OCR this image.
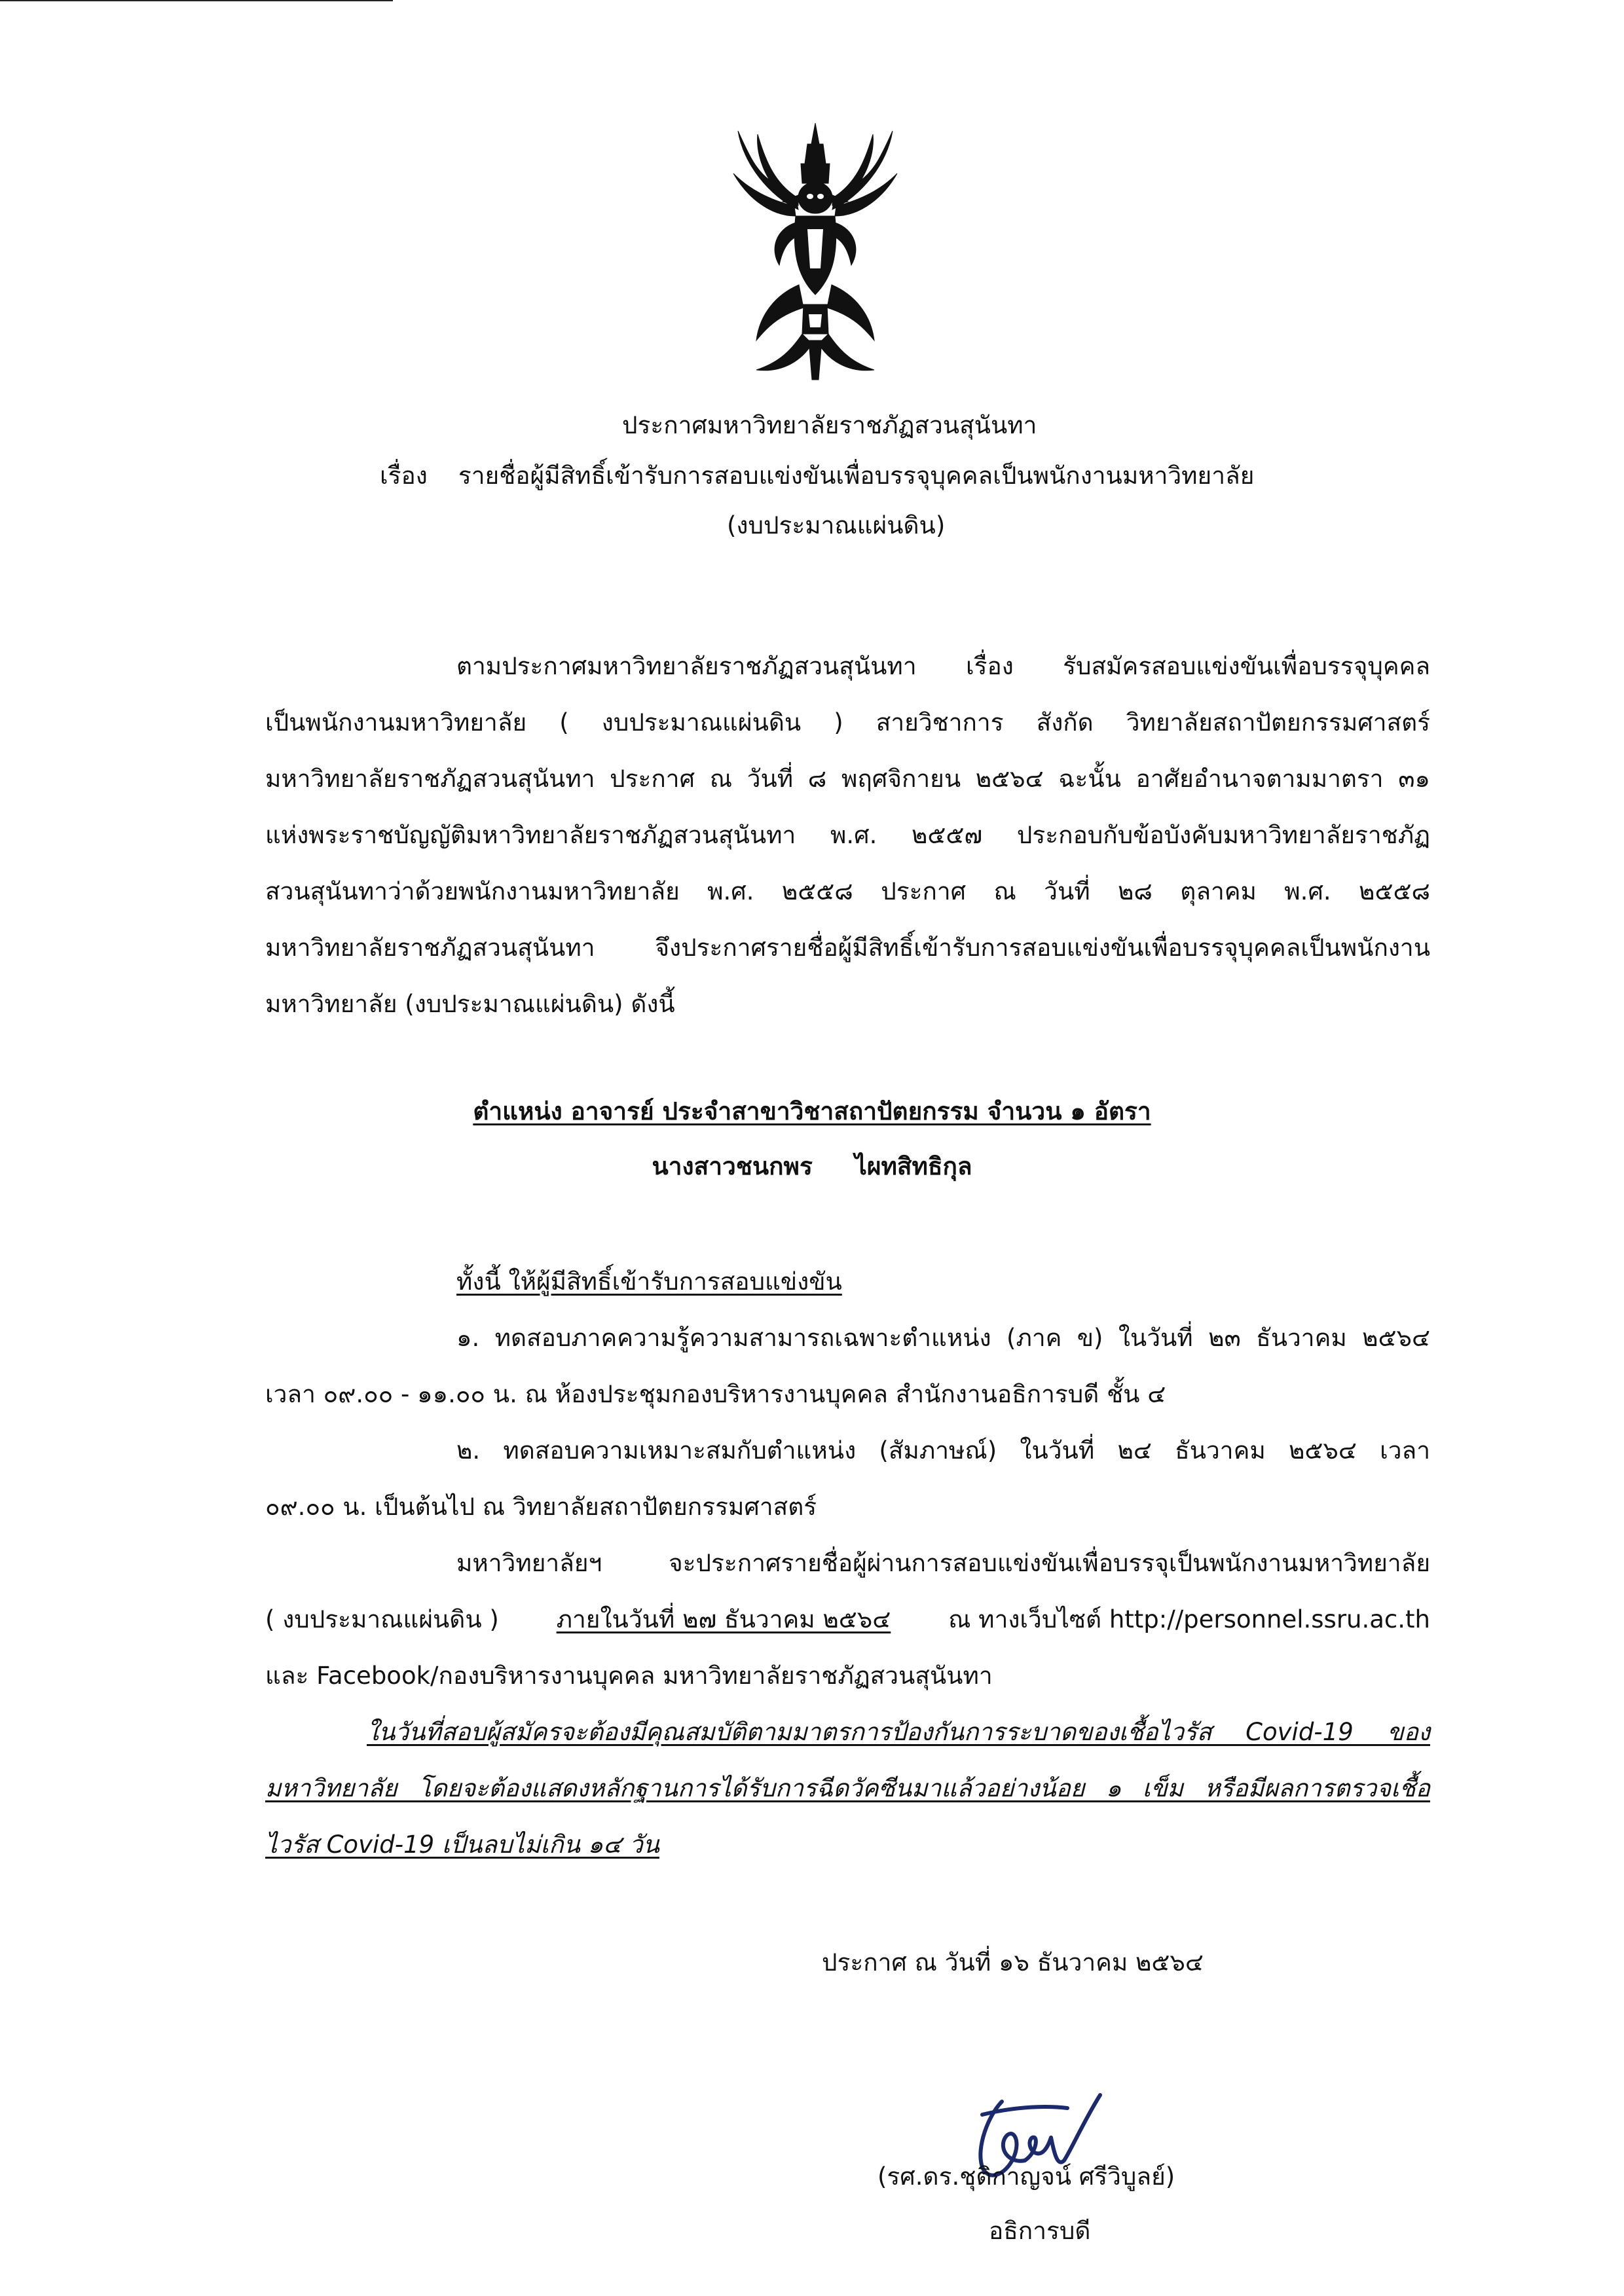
ประกาศมหาวิทยาลัยราชภัฏสวนสุนันทา
เรื่อง รายชื่อผู้มีสิทธิ์เข้ารับการสอบแข่งขันเพื่อบรรจุบุคคลเป็นพนักงานมหาวิทยาลัย
(งบประมาณแผ่นดิน)
ตามประกาศมหาวิทยาลัยราชภัฏสวนสุนันทา เรื่อง รับสมัครสอบแข่งขันเพื่อบรรจุบุคคล
เป็นพนักงานมหาวิทยาลัย ( งบประมาณแผ่นดิน ) สายวิชาการ สังกัด วิทยาลัยสถาปัตยกรรมศาสตร์
มหาวิทยาลัยราชภัฏสวนสุนันทา ประกาศ ณ วันที่ ๘ พฤศจิกายน ๒๕๖๔ ฉะนั้น อาศัยอำนาจตามมาตรา ๓๑
แห่งพระราชบัญญัติมหาวิทยาลัยราชภัฏสวนสุนันทา พ.ศ. ๒๕๕๗ ประกอบกับข้อบังคับมหาวิทยาลัยราชภัฏ
สวนสุนันทาว่าด้วยพนักงานมหาวิทยาลัย พ.ศ. ๒๕๕๘ ประกาศ ณ วันที่ ๒๘ ตุลาคม พ.ศ. ๒๕๕๘
มหาวิทยาลัยราชภัฏสวนสุนันทา จึงประกาศรายชื่อผู้มีสิทธิ์เข้ารับการสอบแข่งขันเพื่อบรรจุบุคคลเป็นพนักงาน
มหาวิทยาลัย (งบประมาณแผ่นดิน) ดังนี้
ตำแหน่ง อาจารย์ ประจำสาขาวิชาสถาปัตยกรรม จำนวน ๑ อัตรา
นางสาวชนกพร     ไผทสิทธิกุล
ทั้งนี้ ให้ผู้มีสิทธิ์เข้ารับการสอบแข่งขัน
๑. ทดสอบภาคความรู้ความสามารถเฉพาะตำแหน่ง (ภาค ข) ในวันที่ ๒๓ ธันวาคม ๒๕๖๔
เวลา ๐๙.๐๐ - ๑๑.๐๐ น. ณ ห้องประชุมกองบริหารงานบุคคล สำนักงานอธิการบดี ชั้น ๔
๒. ทดสอบความเหมาะสมกับตำแหน่ง (สัมภาษณ์) ในวันที่ ๒๔ ธันวาคม ๒๕๖๔ เวลา
๐๙.๐๐ น. เป็นต้นไป ณ วิทยาลัยสถาปัตยกรรมศาสตร์
มหาวิทยาลัยฯ จะประกาศรายชื่อผู้ผ่านการสอบแข่งขันเพื่อบรรจุเป็นพนักงานมหาวิทยาลัย
( งบประมาณแผ่นดิน ) ภายในวันที่ ๒๗ ธันวาคม ๒๕๖๔ ณ ทางเว็บไซต์ http://personnel.ssru.ac.th
และ Facebook/กองบริหารงานบุคคล มหาวิทยาลัยราชภัฏสวนสุนันทา
ในวันที่สอบผู้สมัครจะต้องมีคุณสมบัติตามมาตรการป้องกันการระบาดของเชื้อไวรัส Covid-19 ของ
มหาวิทยาลัย โดยจะต้องแสดงหลักฐานการได้รับการฉีดวัคซีนมาแล้วอย่างน้อย ๑ เข็ม หรือมีผลการตรวจเชื้อ
ไวรัส Covid-19 เป็นลบไม่เกิน ๑๔ วัน
ประกาศ ณ วันที่ ๑๖ ธันวาคม ๒๕๖๔
(รศ.ดร.ชุติกาญจน์ ศรีวิบูลย์)
อธิการบดี
